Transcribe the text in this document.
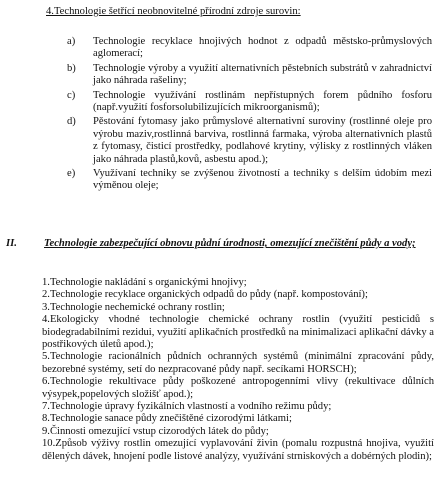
4.Technologie šetřící neobnovitelné přírodní zdroje surovin:
a) Technologie recyklace hnojivých hodnot z odpadů městsko-průmyslových aglomerací;
b) Technologie výroby a využití alternativních pěstebních substrátů v zahradnictví jako náhrada rašeliny;
c) Technologie využívání rostlinám nepřístupných forem půdního fosforu (např.využití fosforsolubilizujících mikroorganismů);
d) Pěstování fytomasy jako průmyslové alternativní suroviny (rostlinné oleje pro výrobu maziv,rostlinná barviva, rostlinná farmaka, výroba alternativních plastů z fytomasy, čisticí prostředky, podlahové krytiny, výlisky z rostlinných vláken jako náhrada plastů,kovů, asbestu apod.);
e) Využívaní techniky se zvýšenou životností a techniky s delším údobím mezi výměnou oleje;
II.	Technologie zabezpečující obnovu půdní úrodnosti, omezující znečištění půdy a vody;
1.Technologie nakládání s organickými hnojivy;
2.Technologie recyklace organických odpadů do půdy (např. kompostování);
3.Technologie nechemické ochrany rostlin;
4.Ekologicky vhodné technologie chemické ochrany rostlin (využití pesticidů s biodegradabilními rezidui, využití aplikačních prostředků na minimalizaci aplikační dávky a postřikových úletů apod.);
5.Technologie racionálních půdních ochranných systémů (minimální zpracování půdy, bezorebné systémy, setí do nezpracované půdy např. secíkami HORSCH);
6.Technologie rekultivace půdy poškozené antropogenními vlivy (rekultivace důlních výsypek,popelových složišť apod.);
7.Technologie úpravy fyzikálních vlastností a vodního režimu půdy;
8.Technologie sanace půdy znečištěné cizorodými látkami;
9.Činnosti omezující vstup cizorodých látek do půdy;
10.Způsob výživy rostlin omezující vyplavování živin (pomalu rozpustná hnojiva, využití dělených dávek, hnojení podle listové analýzy, využívání strniskových a dobérných plodin);
